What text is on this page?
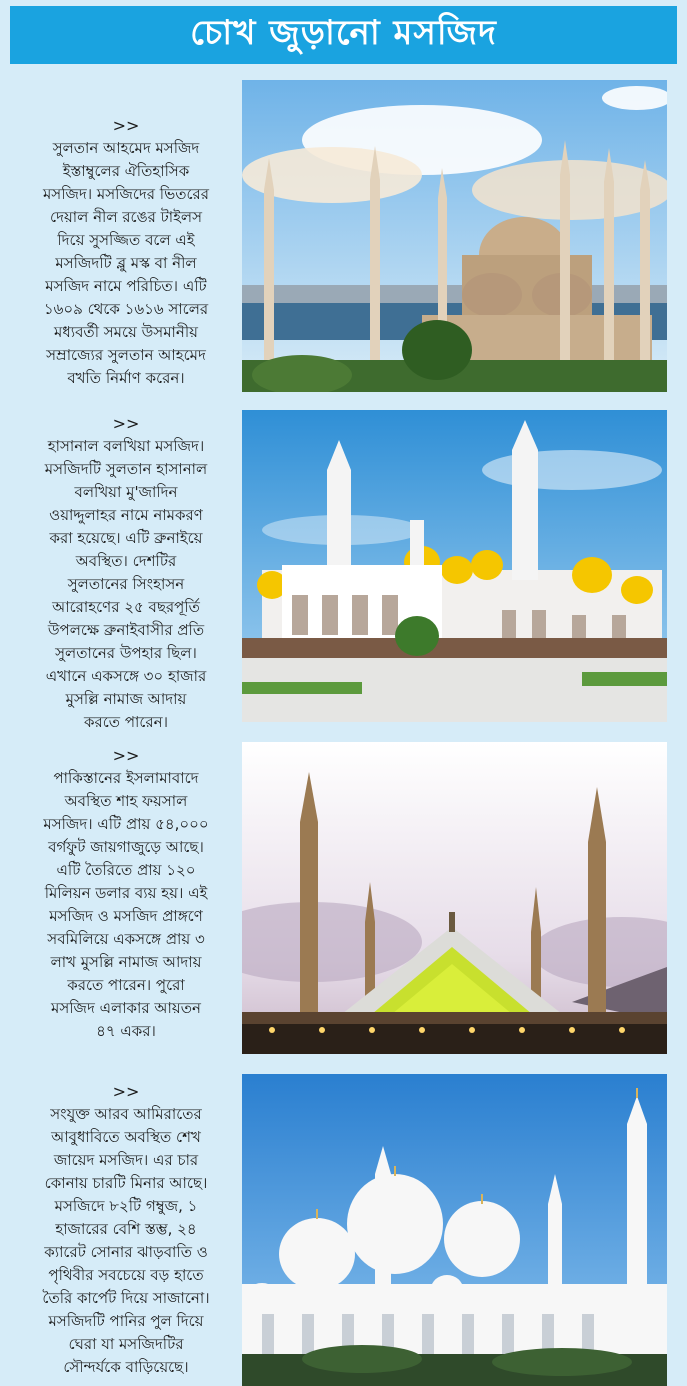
চোখ জুড়ানো মসজিদ
>>
সুলতান আহমেদ মসজিদ
ইস্তাম্বুলের ঐতিহাসিক
মসজিদ। মসজিদের ভিতরের
দেয়াল নীল রঙের টাইলস
দিয়ে সুসজ্জিত বলে এই
মসজিদটি ব্লু মস্ক বা নীল
মসজিদ নামে পরিচিত। এটি
১৬০৯ থেকে ১৬১৬ সালের
মধ্যবর্তী সময়ে উসমানীয়
সম্রাজ্যের সুলতান আহমেদ
বখতি নির্মাণ করেন।
>>
হাসানাল বলখিয়া মসজিদ।
মসজিদটি সুলতান হাসানাল
বলখিয়া মু'জাদিন
ওয়াদ্দুলাহর নামে নামকরণ
করা হয়েছে। এটি ব্রুনাইয়ে
অবস্থিত। দেশটির
সুলতানের সিংহাসন
আরোহণের ২৫ বছরপূর্তি
উপলক্ষে ব্রুনাইবাসীর প্রতি
সুলতানের উপহার ছিল।
এখানে একসঙ্গে ৩০ হাজার
মুসল্লি নামাজ আদায়
করতে পারেন।
>>
পাকিস্তানের ইসলামাবাদে
অবস্থিত শাহ ফয়সাল
মসজিদ। এটি প্রায় ৫৪,০০০
বর্গফুট জায়গাজুড়ে আছে।
এটি তৈরিতে প্রায় ১২০
মিলিয়ন ডলার ব্যয় হয়। এই
মসজিদ ও মসজিদ প্রাঙ্গণে
সবমিলিয়ে একসঙ্গে প্রায় ৩
লাখ মুসল্লি নামাজ আদায়
করতে পারেন। পুরো
মসজিদ এলাকার আয়তন
৪৭ একর।
>>
সংযুক্ত আরব আমিরাতের
আবুধাবিতে অবস্থিত শেখ
জায়েদ মসজিদ। এর চার
কোনায় চারটি মিনার আছে।
মসজিদে ৮২টি গম্বুজ, ১
হাজারের বেশি স্তম্ভ, ২৪
ক্যারেট সোনার ঝাড়বাতি ও
পৃথিবীর সবচেয়ে বড় হাতে
তৈরি কার্পেট দিয়ে সাজানো।
মসজিদটি পানির পুল দিয়ে
ঘেরা যা মসজিদটির
সৌন্দর্যকে বাড়িয়েছে।
